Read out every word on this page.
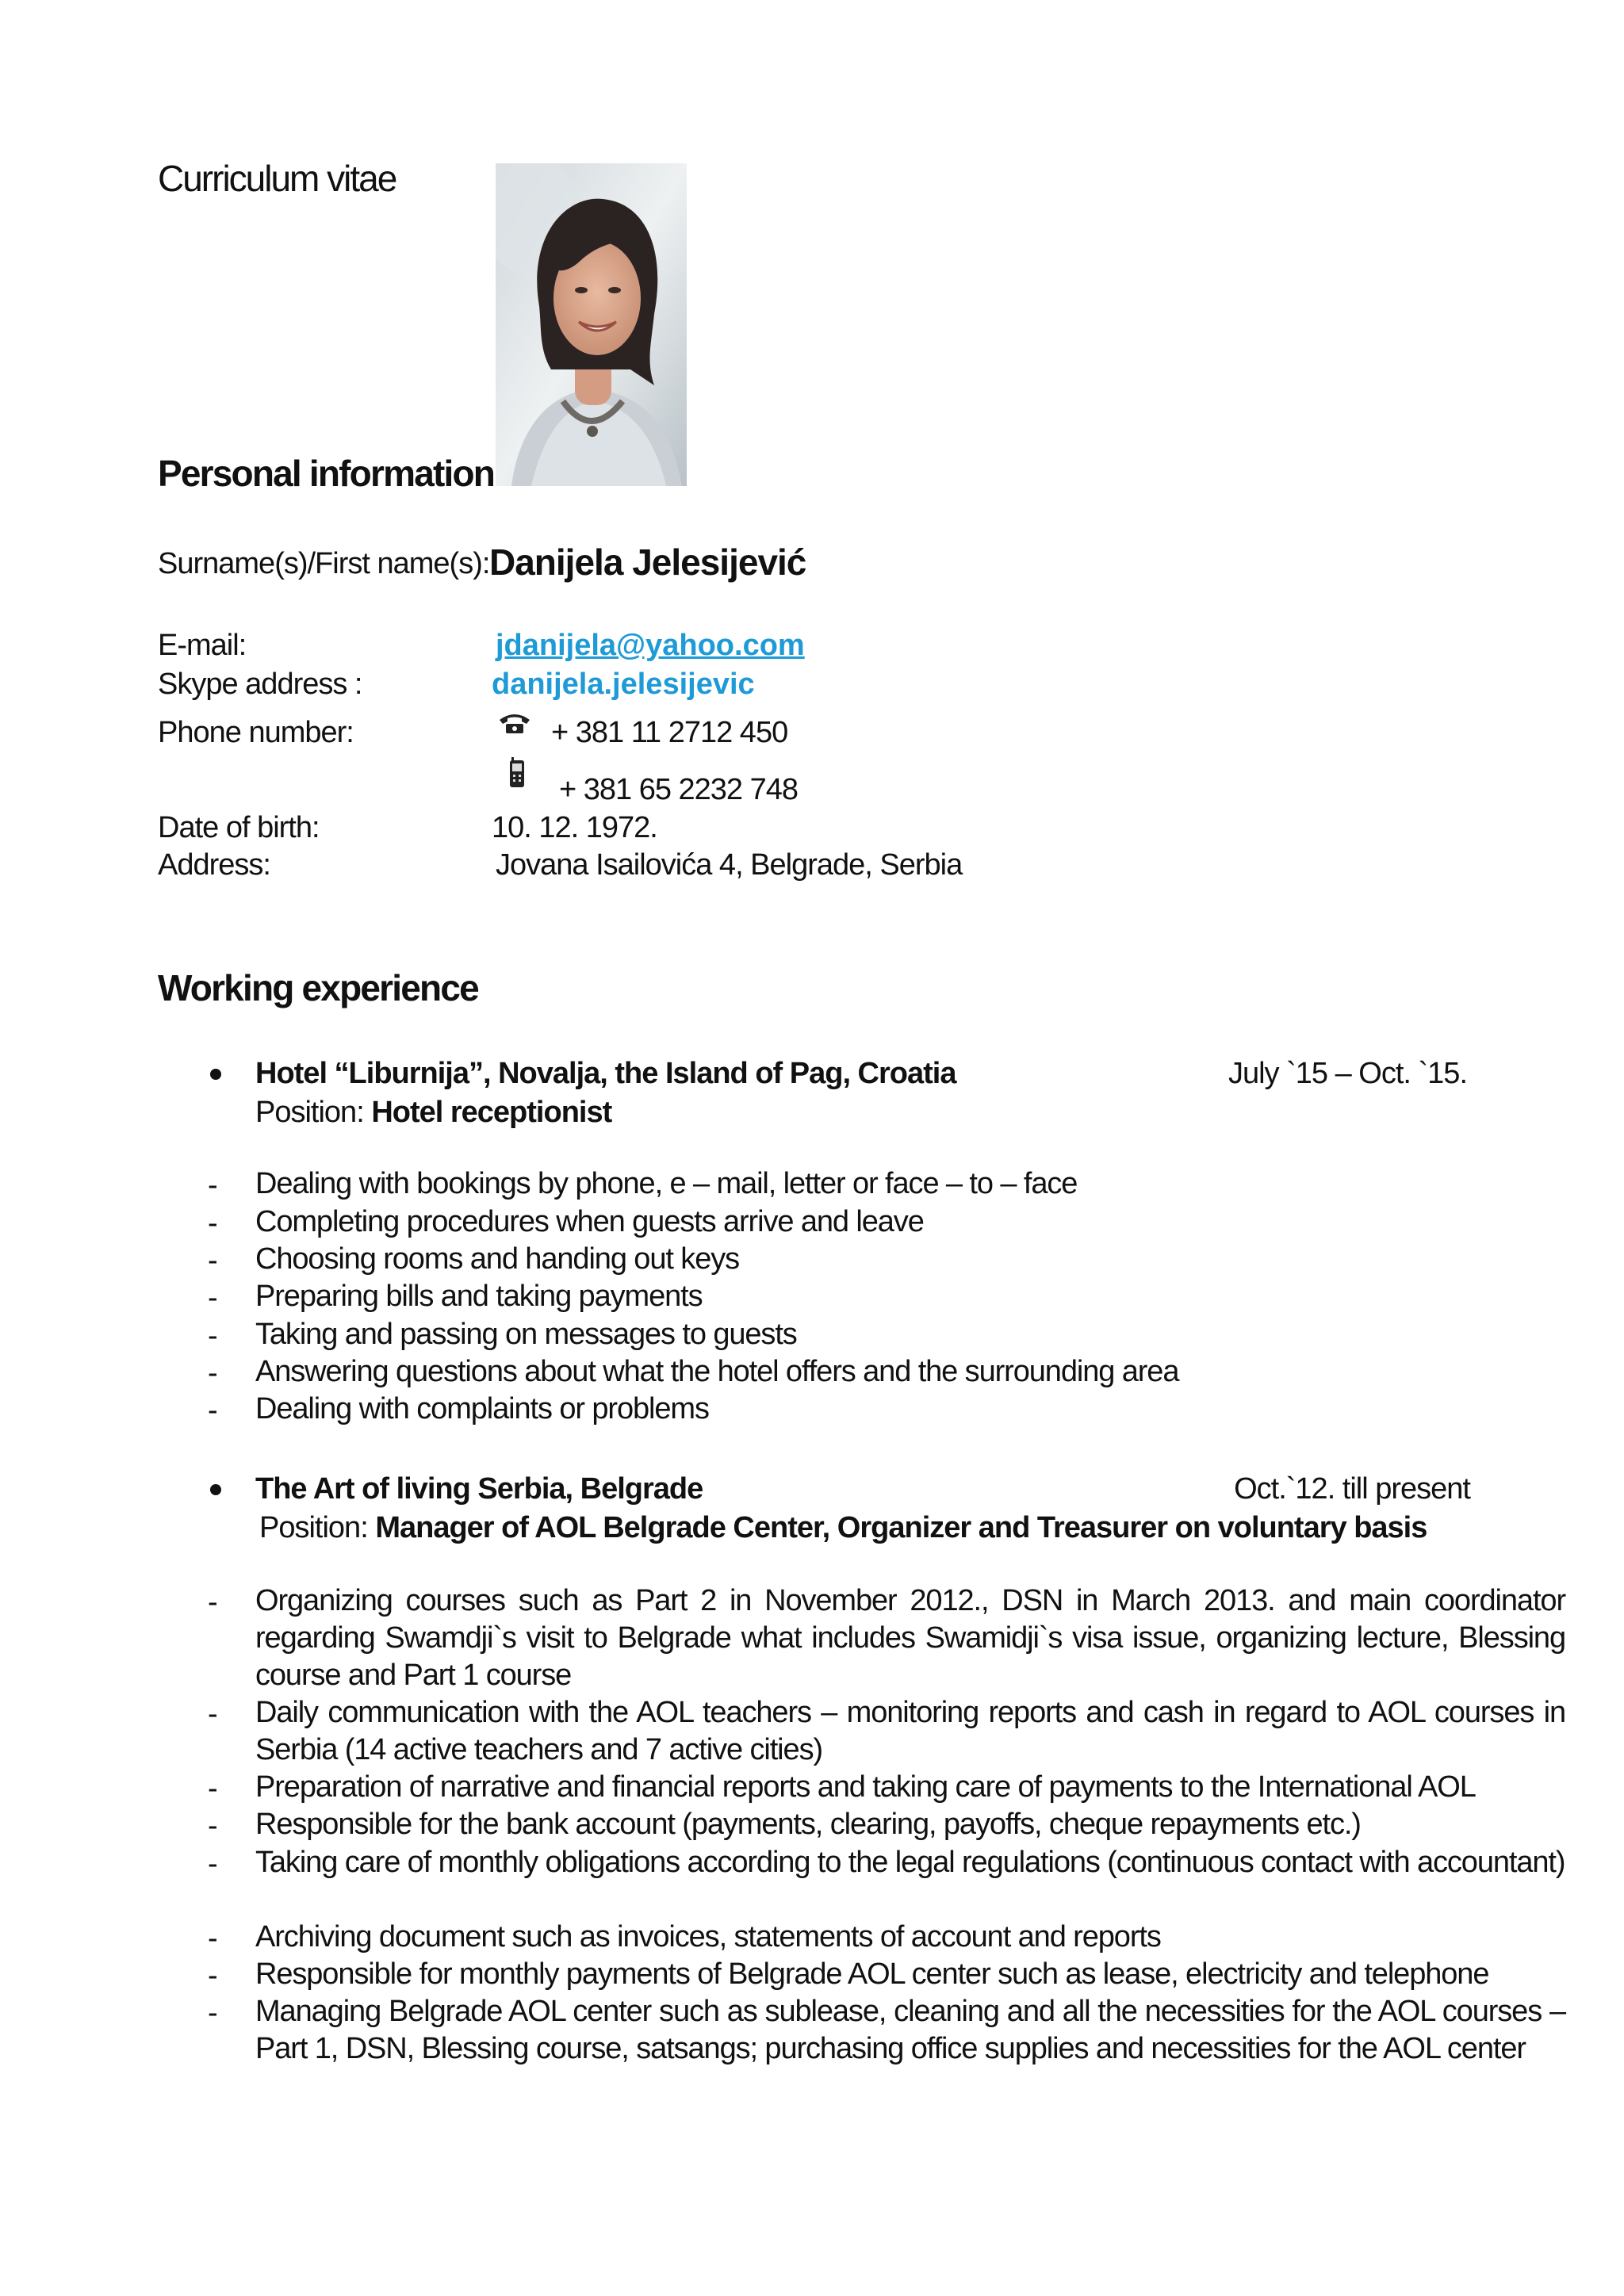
Curriculum vitae
Personal information
Surname(s)/First name(s): Danijela Jelesijević
E-mail:	jdanijela@yahoo.com
Skype address :	danijela.jelesijevic
Phone number:	+ 381 11 2712 450
+ 381 65 2232 748
Date of birth:	10. 12. 1972.
Address:	Jovana Isailovića 4, Belgrade, Serbia
Working experience
Hotel “Liburnija”, Novalja, the Island of Pag, Croatia	July `15 – Oct. `15.
Position: Hotel receptionist
- Dealing with bookings by phone, e – mail, letter or face – to – face
- Completing procedures when guests arrive and leave
- Choosing rooms and handing out keys
- Preparing bills and taking payments
- Taking and passing on messages to guests
- Answering questions about what the hotel offers and the surrounding area
- Dealing with complaints or problems
The Art of living Serbia, Belgrade	Oct.`12. till present
Position: Manager of AOL Belgrade Center, Organizer and Treasurer on voluntary basis
- Organizing courses such as Part 2 in November 2012., DSN in March 2013. and main coordinator regarding Swamdji`s visit to Belgrade what includes Swamidji`s visa issue, organizing lecture, Blessing course and Part 1 course
- Daily communication with the AOL teachers – monitoring reports and cash in regard to AOL courses in Serbia (14 active teachers and 7 active cities)
- Preparation of narrative and financial reports and taking care of payments to the International AOL
- Responsible for the bank account (payments, clearing, payoffs, cheque repayments etc.)
- Taking care of monthly obligations according to the legal regulations (continuous contact with accountant)
- Archiving document such as invoices, statements of account and reports
- Responsible for monthly payments of Belgrade AOL center such as lease, electricity and telephone
- Managing Belgrade AOL center such as sublease, cleaning and all the necessities for the AOL courses – Part 1, DSN, Blessing course, satsangs; purchasing office supplies and necessities for the AOL center
